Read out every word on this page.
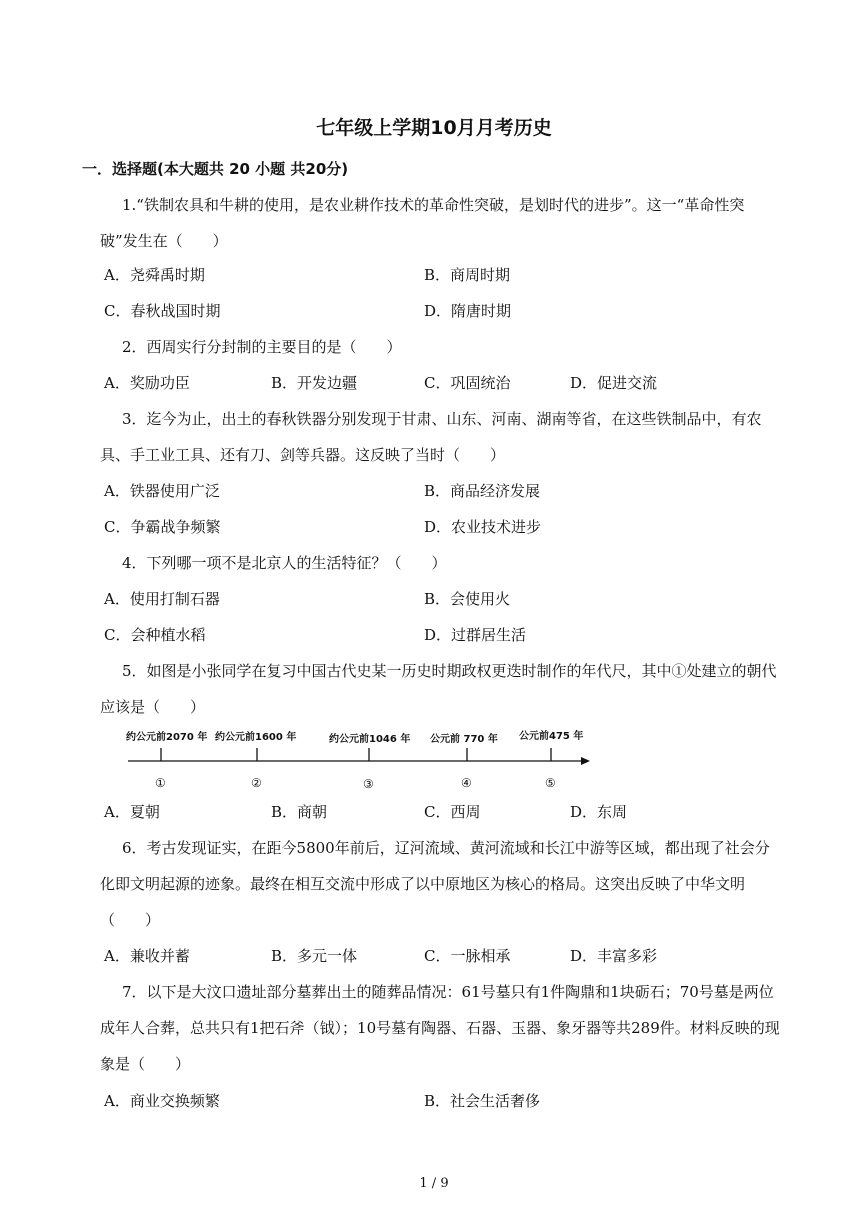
七年级上学期10月月考历史
一．选择题(本大题共 20 小题 共20分)
1.“铁制农具和牛耕的使用，是农业耕作技术的革命性突破，是划时代的进步”。这一“革命性突破”发生在（　　）
A．尧舜禹时期	B．商周时期
C．春秋战国时期	D．隋唐时期
2．西周实行分封制的主要目的是（　　）
A．奖励功臣	B．开发边疆	C．巩固统治	D．促进交流
3．迄今为止，出土的春秋铁器分别发现于甘肃、山东、河南、湖南等省，在这些铁制品中，有农具、手工业工具、还有刀、剑等兵器。这反映了当时（　　）
A．铁器使用广泛	B．商品经济发展
C．争霸战争频繁	D．农业技术进步
4．下列哪一项不是北京人的生活特征？（　　）
A．使用打制石器	B．会使用火
C．会种植水稻	D．过群居生活
5．如图是小张同学在复习中国古代史某一历史时期政权更迭时制作的年代尺，其中①处建立的朝代应该是（　　）
约公元前2070 年 约公元前1600 年	约公元前1046 年 公元前 770 年 公元前475 年
①	②	③	④	⑤
A．夏朝	B．商朝	C．西周	D．东周
6．考古发现证实，在距今5800年前后，辽河流域、黄河流域和长江中游等区域，都出现了社会分化即文明起源的迹象。最终在相互交流中形成了以中原地区为核心的格局。这突出反映了中华文明（　　）
A．兼收并蓄	B．多元一体	C．一脉相承	D．丰富多彩
7．以下是大汶口遗址部分墓葬出土的随葬品情况：61号墓只有1件陶鼎和1块砺石；70号墓是两位成年人合葬，总共只有1把石斧（钺）；10号墓有陶器、石器、玉器、象牙器等共289件。材料反映的现象是（　　）
A．商业交换频繁	B．社会生活奢侈
1 / 9
